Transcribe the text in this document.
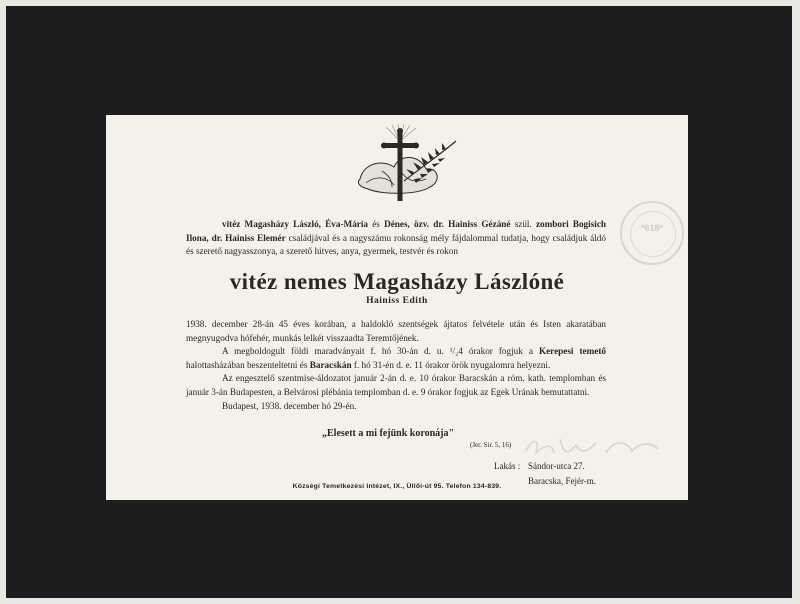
*618*
vitéz Magasházy László, Éva-Mária és Dénes, özv. dr. Hainiss Gézáné szül. zombori Bogisich Ilona, dr. Hainiss Elemér családjával és a nagyszámu rokonság mély fájdalommal tudatja, hogy családjuk áldó és szerető nagyasszonya, a szerető hitves, anya, gyermek, testvér és rokon
vitéz nemes Magasházy Lászlóné
Hainiss Edith
1938. december 28-án 45 éves korában, a haldokló szentségek ájtatos felvétele után és Isten akaratában megnyugodva hófehér, munkás lelkét visszaadta Teremtőjének.
A megboldogult földi maradványait f. hó 30-án d. u. ¹/₂4 órakor fogjuk a Kerepesi temető halottasházában beszenteltetni és Baracskán f. hó 31-én d. e. 11 órakor örök nyugalomra helyezni.
Az engesztelő szentmise-áldozatot január 2-án d. e. 10 órakor Baracskán a róm. kath. templomban és január 3-án Budapesten, a Belvárosi plébánia templomban d. e. 9 órakor fogjuk az Egek Urának bemutattatni.
Budapest, 1938. december hó 29-én.
„Elesett a mi fejünk koronája"
(Jer. Sir. 5, 16)
Lakás : Sándor-utca 27.
Baracska, Fejér-m.
Községi Temetkezési Intézet, IX., Üllői-út 95. Telefon 134-839.
